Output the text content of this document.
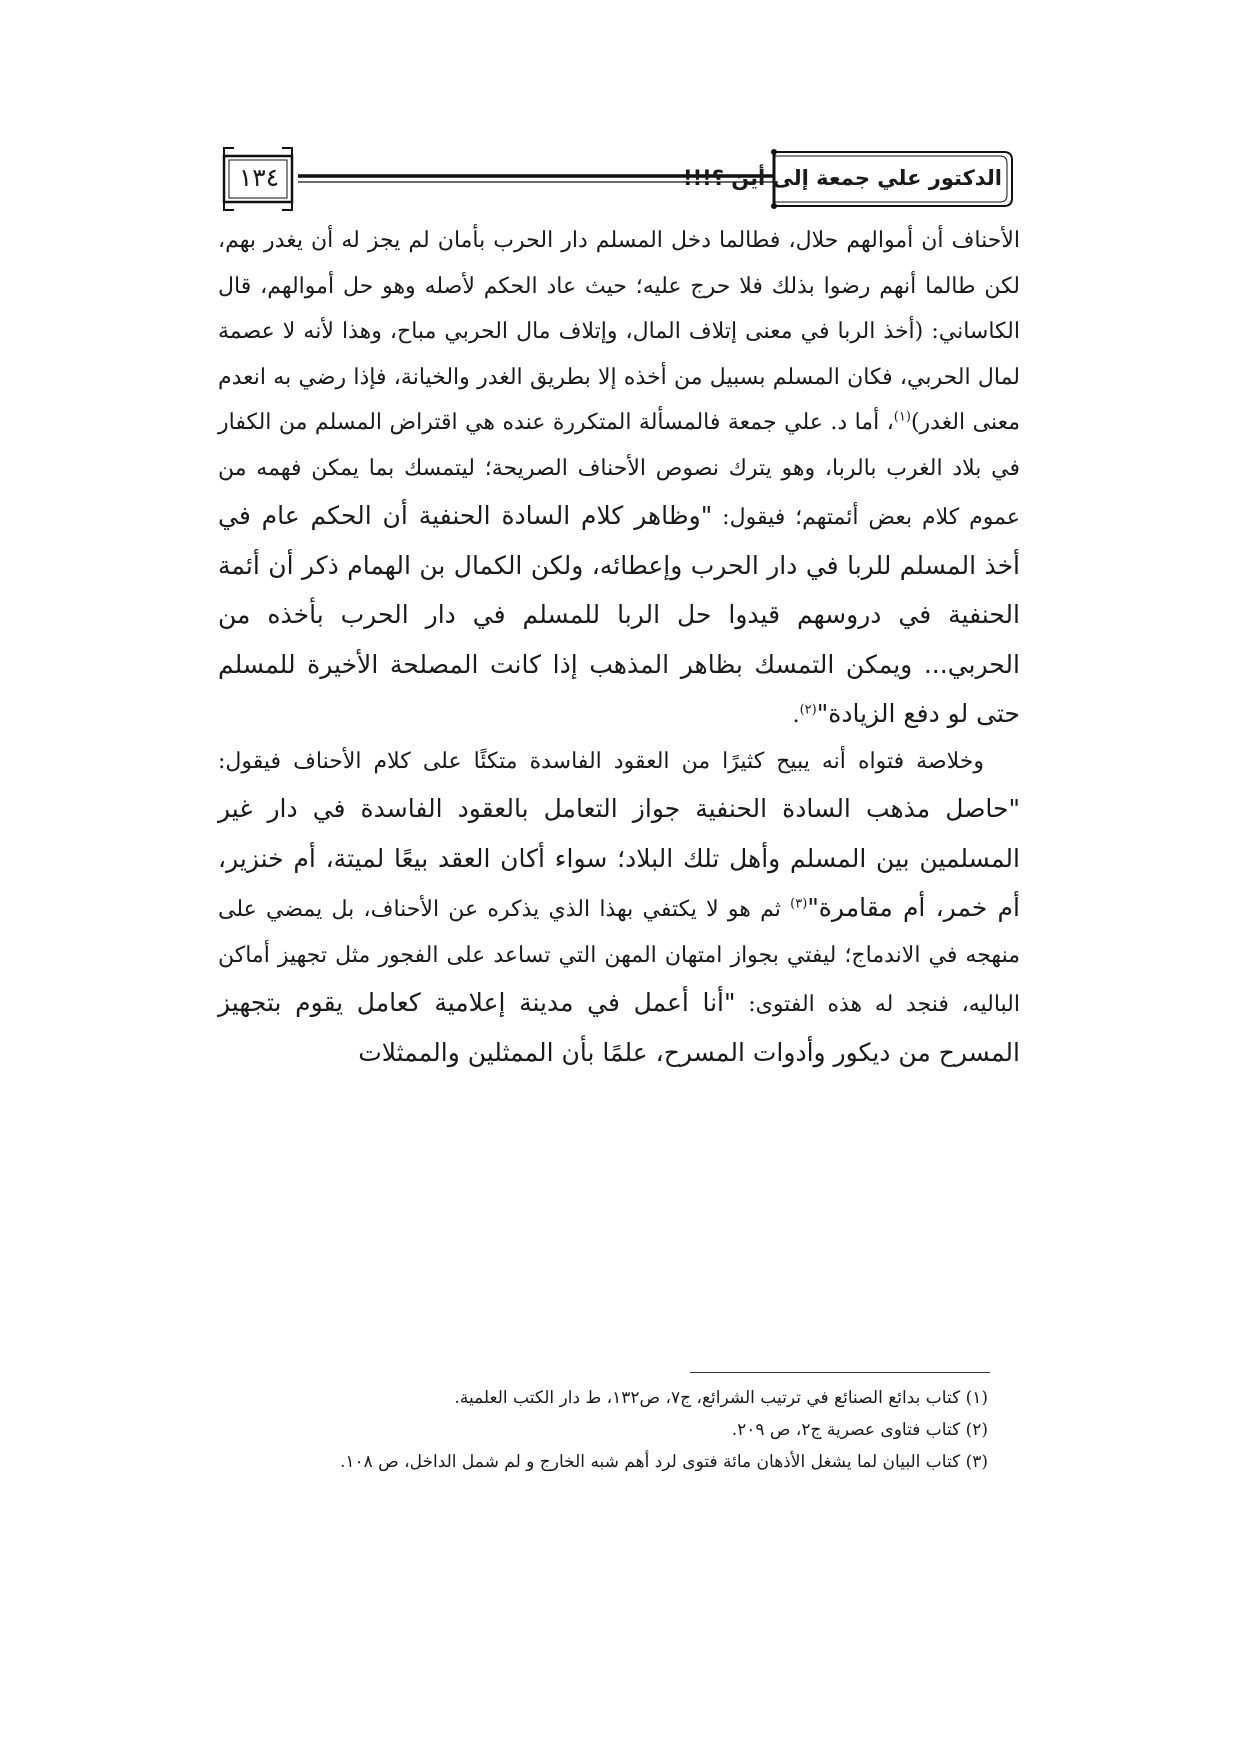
الدكتور علي جمعة إلى أين ؟!!!
١٣٤

الأحناف أن أموالهم حلال، فطالما دخل المسلم دار الحرب بأمان لم يجز له أن يغدر بهم، لكن طالما أنهم رضوا بذلك فلا حرج عليه؛ حيث عاد الحكم لأصله وهو حل أموالهم، قال الكاساني: (أخذ الربا في معنى إتلاف المال، وإتلاف مال الحربي مباح، وهذا لأنه لا عصمة لمال الحربي، فكان المسلم بسبيل من أخذه إلا بطريق الغدر والخيانة، فإذا رضي به انعدم معنى الغدر)$^{(١)}$، أما د. علي جمعة فالمسألة المتكررة عنده هي اقتراض المسلم من الكفار في بلاد الغرب بالربا، وهو يترك نصوص الأحناف الصريحة؛ ليتمسك بما يمكن فهمه من عموم كلام بعض أئمتهم؛ فيقول: "وظاهر كلام السادة الحنفية أن الحكم عام في أخذ المسلم للربا في دار الحرب وإعطائه، ولكن الكمال بن الهمام ذكر أن أئمة الحنفية في دروسهم قيدوا حل الربا للمسلم في دار الحرب بأخذه من الحربي... ويمكن التمسك بظاهر المذهب إذا كانت المصلحة الأخيرة للمسلم حتى لو دفع الزيادة"$^{(٢)}$.

وخلاصة فتواه أنه يبيح كثيرًا من العقود الفاسدة متكئًا على كلام الأحناف فيقول: "حاصل مذهب السادة الحنفية جواز التعامل بالعقود الفاسدة في دار غير المسلمين بين المسلم وأهل تلك البلاد؛ سواء أكان العقد بيعًا لميتة، أم خنزير، أم خمر، أم مقامرة"$^{(٣)}$ ثم هو لا يكتفي بهذا الذي يذكره عن الأحناف، بل يمضي على منهجه في الاندماج؛ ليفتي بجواز امتهان المهن التي تساعد على الفجور مثل تجهيز أماكن الباليه، فنجد له هذه الفتوى: "أنا أعمل في مدينة إعلامية كعامل يقوم بتجهيز المسرح من ديكور وأدوات المسرح، علمًا بأن الممثلين والممثلات

(١) كتاب بدائع الصنائع في ترتيب الشرائع، ج٧، ص١٣٢، ط دار الكتب العلمية.

(٢) كتاب فتاوى عصرية ج٢، ص ٢٠٩.

(٣) كتاب البيان لما يشغل الأذهان مائة فتوى لرد أهم شبه الخارج و لم شمل الداخل، ص ١٠٨.
